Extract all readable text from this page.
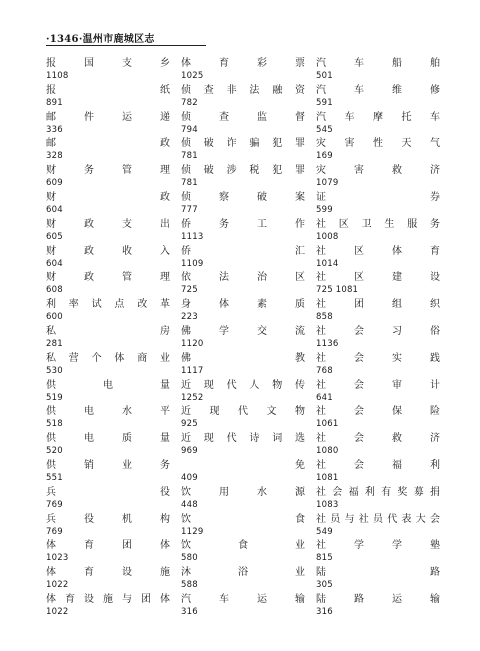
·1346·温州市鹿城区志
报	国	支	乡
1108
报	纸
891
邮	件	运	递
336
邮	政
328
财	务	管	理
609
财	政
604
财	政	支	出
605
财	政	收	入
604
财	政	管	理
608
利 率 试 点 改 革
600
私	房
281
私 营 个 体 商 业
530
供	电	量
519
供	电	水	平
518
供	电	质	量
520
供	销	业	务
551
兵	役
769
兵	役	机	构
769
体	育	团	体
1023
体	育	设	施
1022
体 育 设 施 与 团 体
1022
体	育	彩	票
1025
侦 查 非 法 融 资
782
侦	查	监	督
794
侦 破 诈 骗 犯 罪
781
侦 破 涉 税 犯 罪
781
侦	察	破	案
777
侨	务	工	作
1113
侨	汇
1109
依	法	治	区
725
身	体	素	质
223
佛	学	交	流
1120
佛	教
1117
近 现 代 人 物 传
1252
近 现 代 文 物
925
近 现 代 诗 词 选
969
免
409
饮	用	水	源
448
饮	食
1129
饮	食	业
580
沐	浴	业
588
汽	车	运	输
316
汽	车	船	舶
501
汽	车	维	修
591
汽 车 摩 托 车
545
灾 害 性 天 气
169
灾	害	救	济
1079
证	券
599
社 区 卫 生 服 务
1008
社	区	体	育
1014
社	区	建	设
725 1081
社	团	组	织
858
社	会	习	俗
1136
社	会	实	践
768
社	会	审	计
641
社	会	保	险
1061
社	会	救	济
1080
社	会	福	利
1081
社 会 福 利 有 奖 募 捐
1083
社 员 与 社 员 代 表 大 会
549
社	学	学	塾
815
陆	路
305
陆	路	运	输
316
